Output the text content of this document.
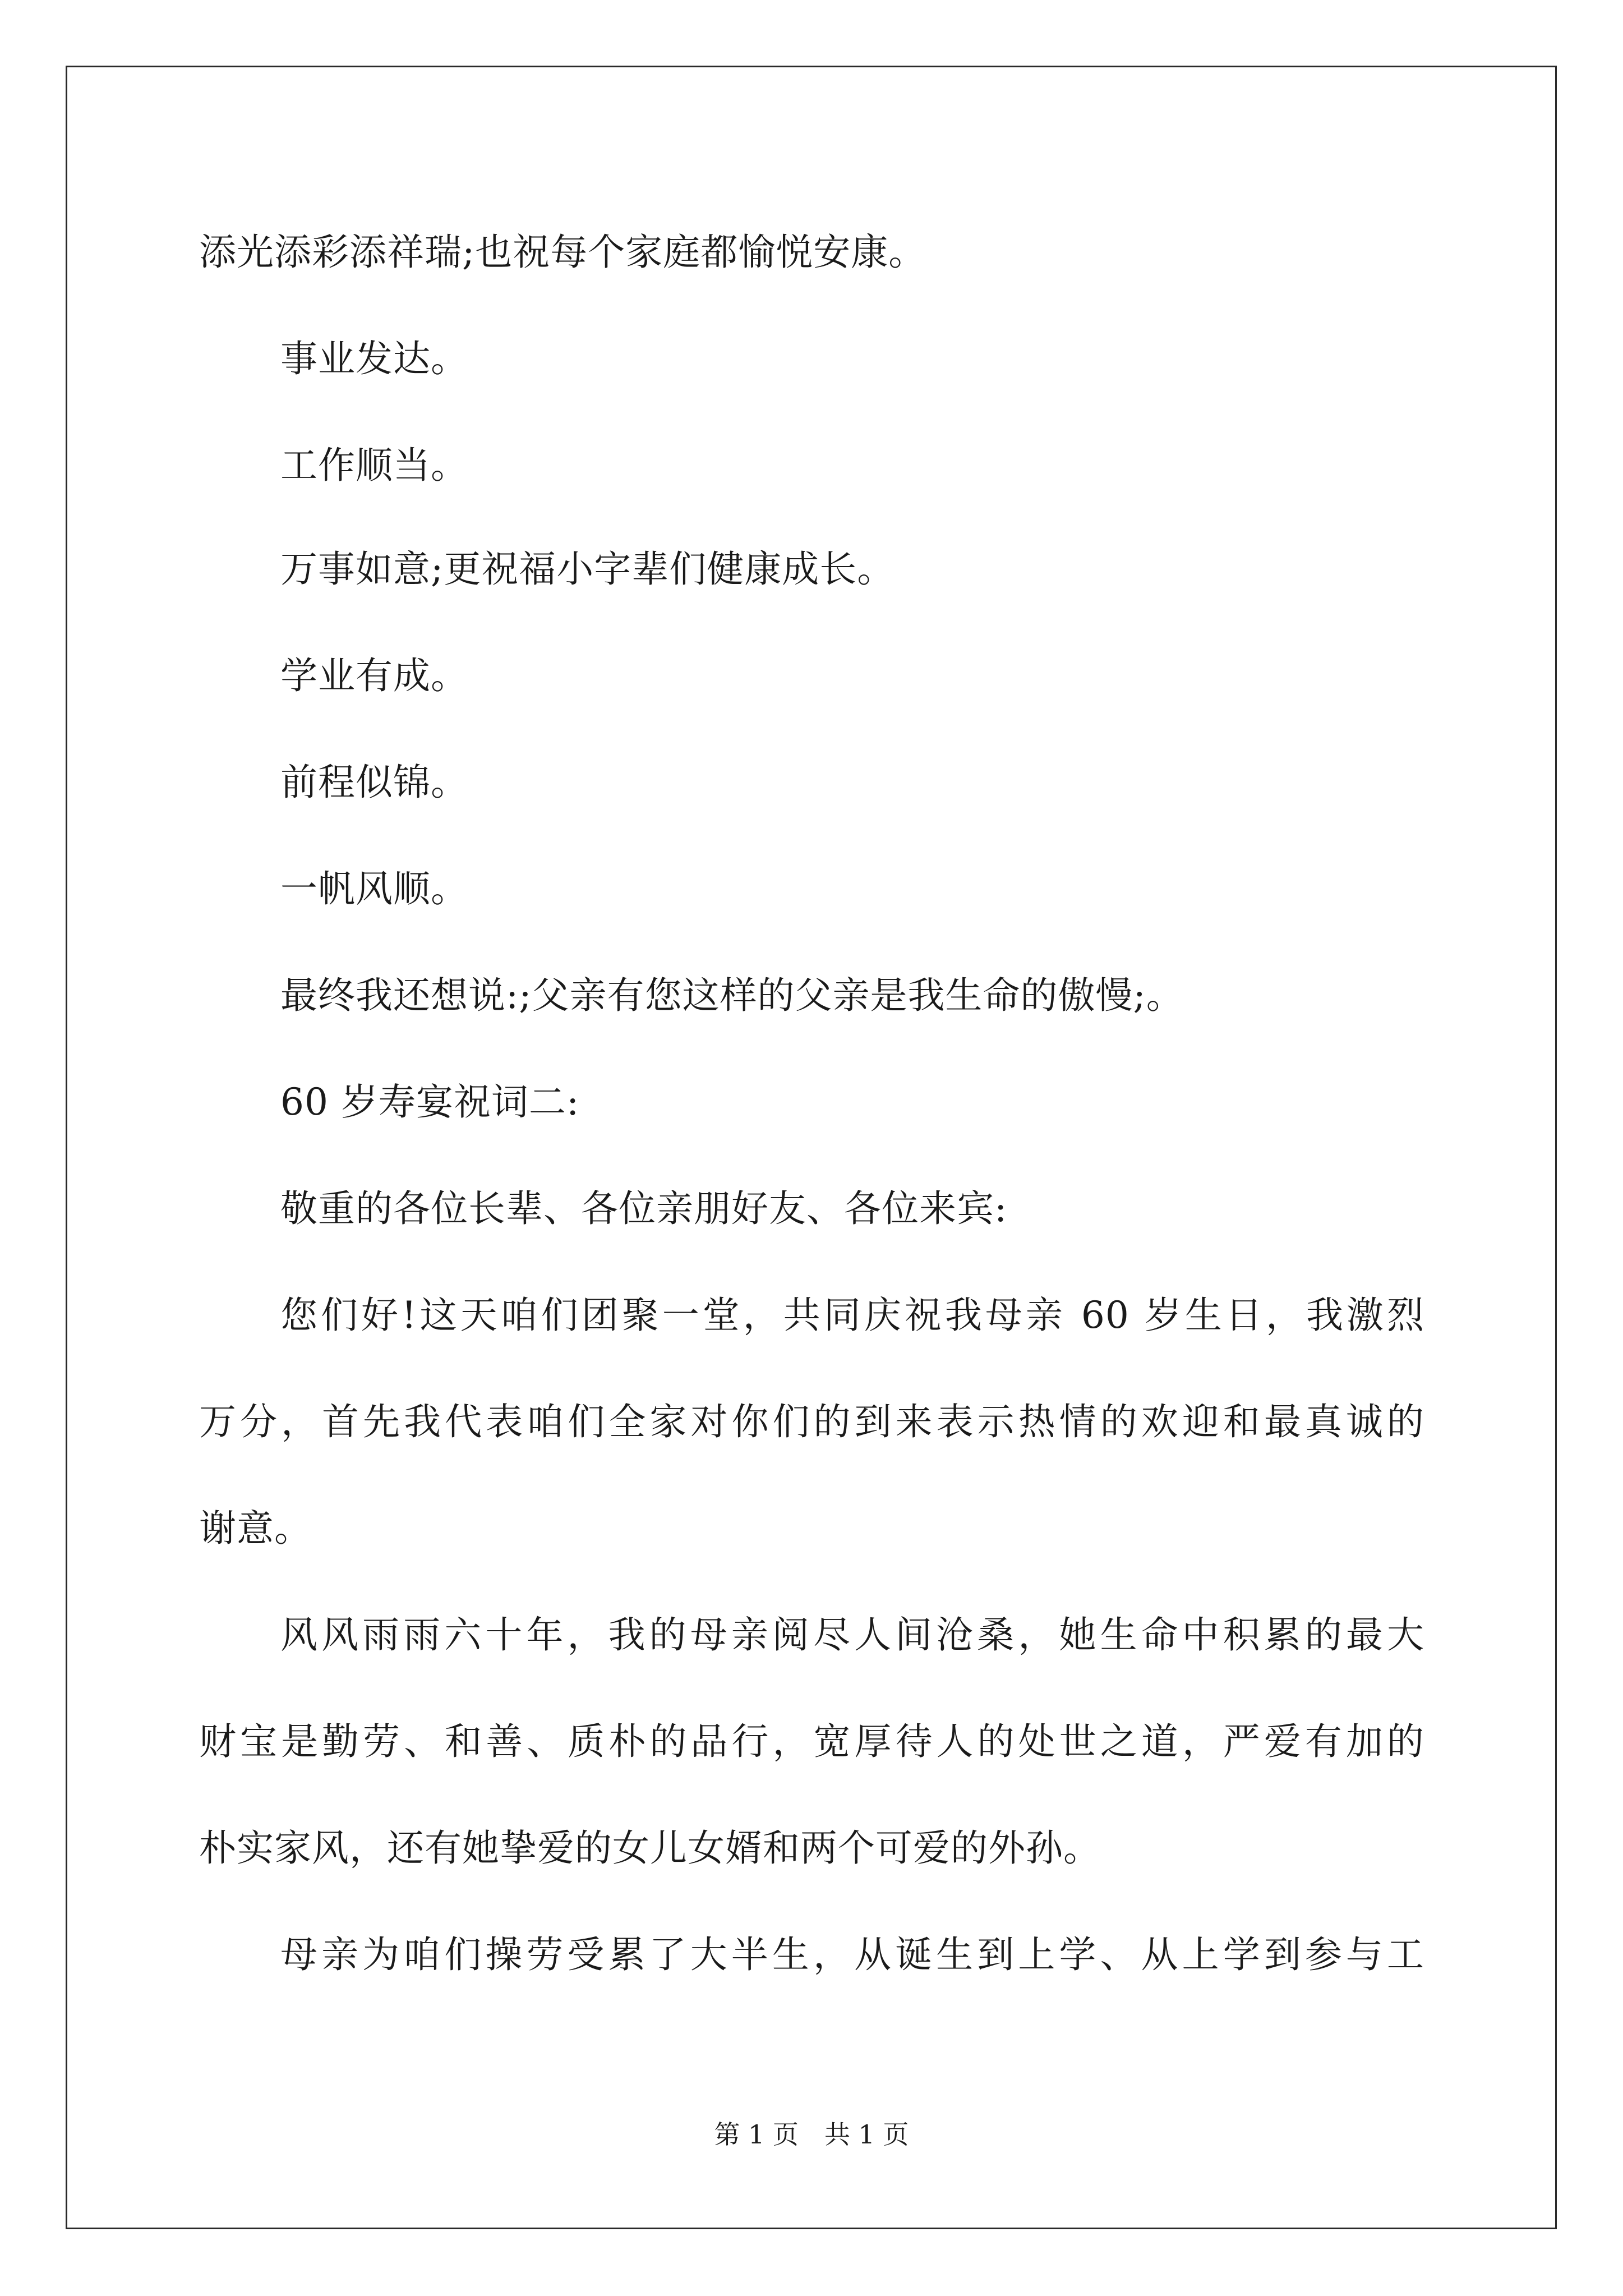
添光添彩添祥瑞;也祝每个家庭都愉悦安康。
事业发达。
工作顺当。
万事如意;更祝福小字辈们健康成长。
学业有成。
前程似锦。
一帆风顺。
最终我还想说:;父亲有您这样的父亲是我生命的傲慢;。
60 岁寿宴祝词二:
敬重的各位长辈、各位亲朋好友、各位来宾:
您们好!这天咱们团聚一堂，共同庆祝我母亲 60 岁生日，我激烈
万分，首先我代表咱们全家对你们的到来表示热情的欢迎和最真诚的
谢意。
风风雨雨六十年，我的母亲阅尽人间沧桑，她生命中积累的最大
财宝是勤劳、和善、质朴的品行，宽厚待人的处世之道，严爱有加的
朴实家风，还有她挚爱的女儿女婿和两个可爱的外孙。
母亲为咱们操劳受累了大半生，从诞生到上学、从上学到参与工
第 1 页　共 1 页
